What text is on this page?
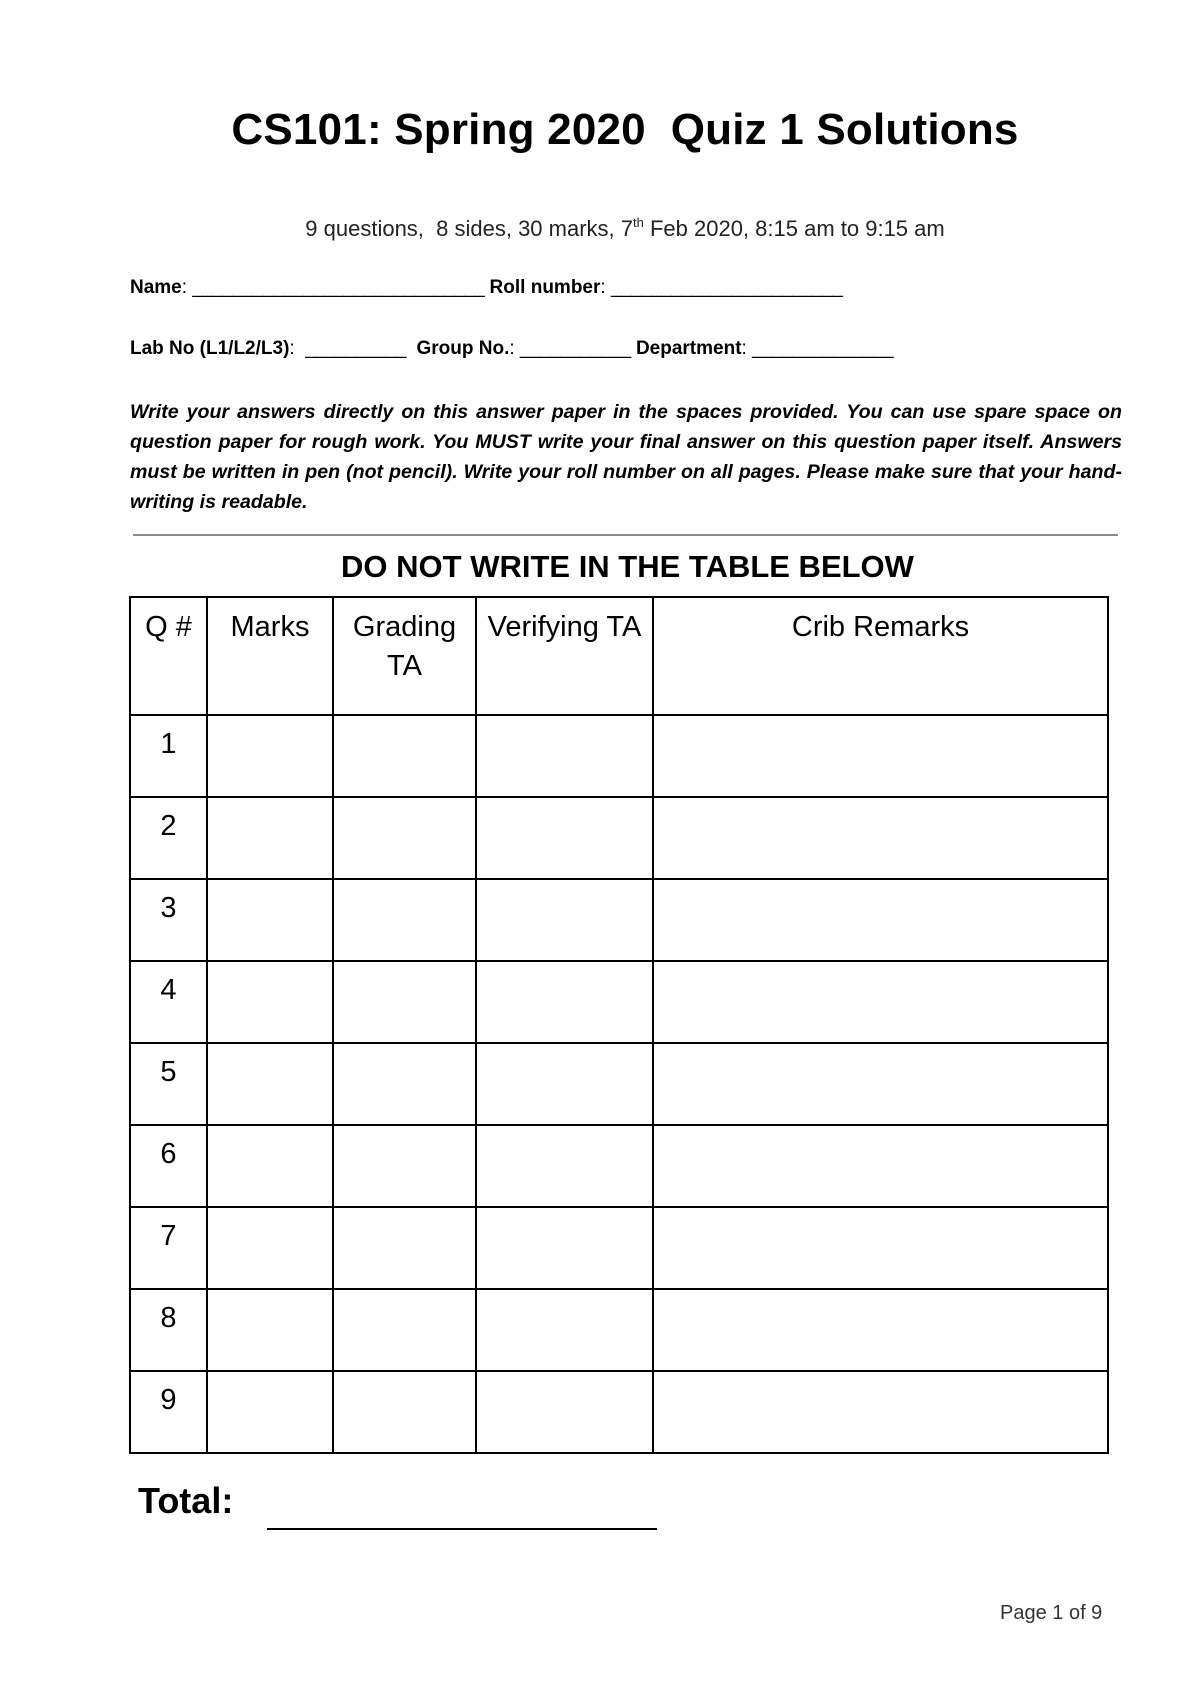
CS101: Spring 2020  Quiz 1 Solutions
9 questions,  8 sides, 30 marks, 7th Feb 2020, 8:15 am to 9:15 am
Name: _____________________________ Roll number: _______________________
Lab No (L1/L2/L3):  __________  Group No.: ___________ Department: ______________
Write your answers directly on this answer paper in the spaces provided. You can use spare space on question paper for rough work. You MUST write your final answer on this question paper itself. Answers must be written in pen (not pencil). Write your roll number on all pages. Please make sure that your hand-writing is readable.
DO NOT WRITE IN THE TABLE BELOW
Q #	Marks	Grading TA	Verifying TA	Crib Remarks
1				
2				
3				
4				
5				
6				
7				
8				
9				
Total:
Page 1 of 9
